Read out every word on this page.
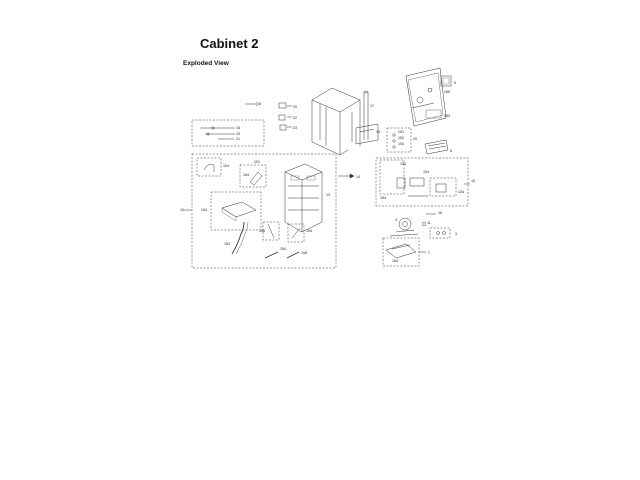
Cabinet 2
Exploded View
8
20
22
23
18
19
21
17
14
5
155
153
151
152
154
20
6
10
104
151
154
154
13
14
158	154
154
154
108
15
154
104
154
154
16
11
4
3
7
154
